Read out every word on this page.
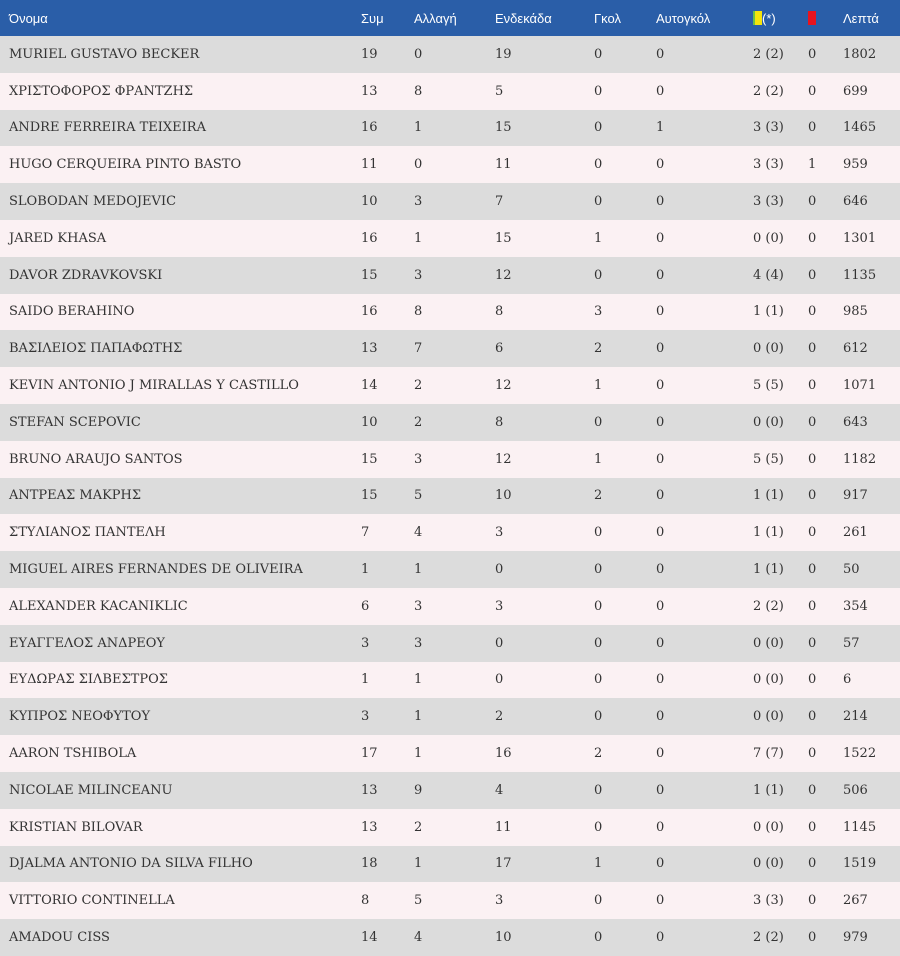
Όνομα	Συμ	Αλλαγή	Ενδεκάδα	Γκολ	Αυτογκόλ	(*)		Λεπτά
MURIEL GUSTAVO BECKER	19	0	19	0	0	2 (2)	0	1802
ΧΡΙΣΤΟΦΟΡΟΣ ΦΡΑΝΤΖΗΣ	13	8	5	0	0	2 (2)	0	699
ANDRE FERREIRA TEIXEIRA	16	1	15	0	1	3 (3)	0	1465
HUGO CERQUEIRA PINTO BASTO	11	0	11	0	0	3 (3)	1	959
SLOBODAN MEDOJEVIC	10	3	7	0	0	3 (3)	0	646
JARED KHASA	16	1	15	1	0	0 (0)	0	1301
DAVOR ZDRAVKOVSKI	15	3	12	0	0	4 (4)	0	1135
SAIDO BERAHINO	16	8	8	3	0	1 (1)	0	985
ΒΑΣΙΛΕΙΟΣ ΠΑΠΑΦΩΤΗΣ	13	7	6	2	0	0 (0)	0	612
KEVIN ANTONIO J MIRALLAS Y CASTILLO	14	2	12	1	0	5 (5)	0	1071
STEFAN SCEPOVIC	10	2	8	0	0	0 (0)	0	643
BRUNO ARAUJO SANTOS	15	3	12	1	0	5 (5)	0	1182
ΑΝΤΡΕΑΣ ΜΑΚΡΗΣ	15	5	10	2	0	1 (1)	0	917
ΣΤΥΛΙΑΝΟΣ ΠΑΝΤΕΛΗ	7	4	3	0	0	1 (1)	0	261
MIGUEL AIRES FERNANDES DE OLIVEIRA	1	1	0	0	0	1 (1)	0	50
ALEXANDER KACANIKLIC	6	3	3	0	0	2 (2)	0	354
ΕΥΑΓΓΕΛΟΣ ΑΝΔΡΕΟΥ	3	3	0	0	0	0 (0)	0	57
ΕΥΔΩΡΑΣ ΣΙΛΒΕΣΤΡΟΣ	1	1	0	0	0	0 (0)	0	6
ΚΥΠΡΟΣ ΝΕΟΦΥΤΟΥ	3	1	2	0	0	0 (0)	0	214
AARON TSHIBOLA	17	1	16	2	0	7 (7)	0	1522
NICOLAE MILINCEANU	13	9	4	0	0	1 (1)	0	506
KRISTIAN BILOVAR	13	2	11	0	0	0 (0)	0	1145
DJALMA ANTONIO DA SILVA FILHO	18	1	17	1	0	0 (0)	0	1519
VITTORIO CONTINELLA	8	5	3	0	0	3 (3)	0	267
AMADOU CISS	14	4	10	0	0	2 (2)	0	979
